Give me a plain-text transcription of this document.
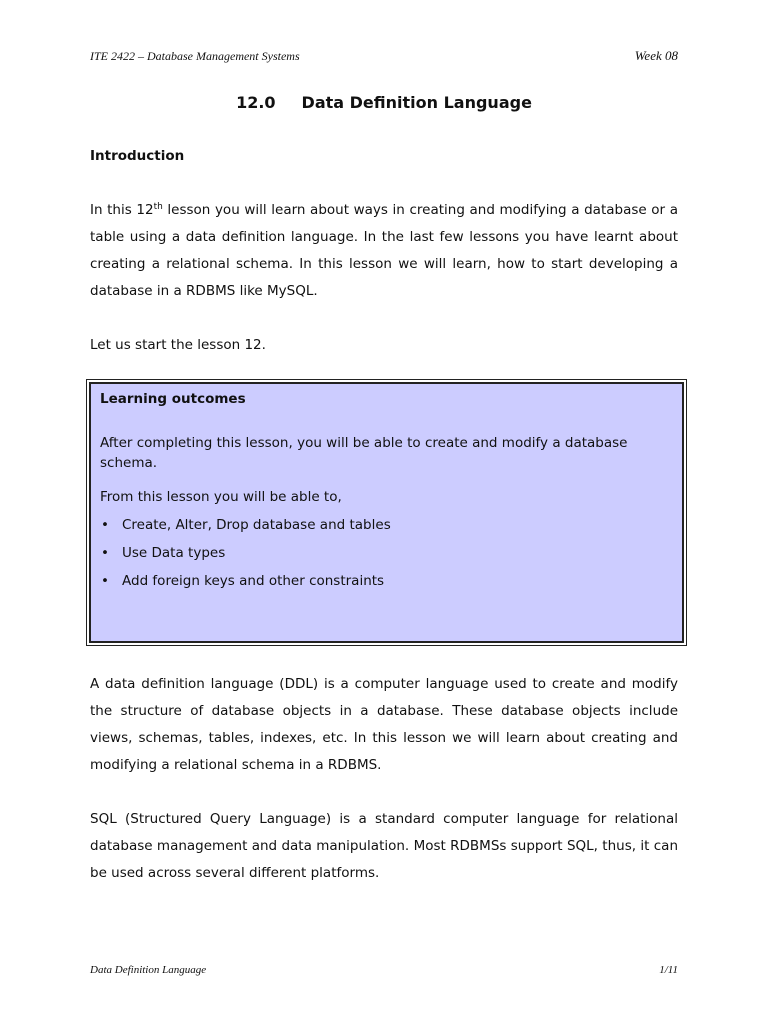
ITE 2422 – Database Management Systems	Week 08
12.0 Data Definition Language
Introduction

In this 12th lesson you will learn about ways in creating and modifying a database or a table using a data definition language. In the last few lessons you have learnt about creating a relational schema. In this lesson we will learn, how to start developing a database in a RDBMS like MySQL.

Let us start the lesson 12.

Learning outcomes

After completing this lesson, you will be able to create and modify a database schema.

From this lesson you will be able to,

• Create, Alter, Drop database and tables
• Use Data types
• Add foreign keys and other constraints

A data definition language (DDL) is a computer language used to create and modify the structure of database objects in a database. These database objects include views, schemas, tables, indexes, etc. In this lesson we will learn about creating and modifying a relational schema in a RDBMS.

SQL (Structured Query Language) is a standard computer language for relational database management and data manipulation. Most RDBMSs support SQL, thus, it can be used across several different platforms.

Data Definition Language	1/11
